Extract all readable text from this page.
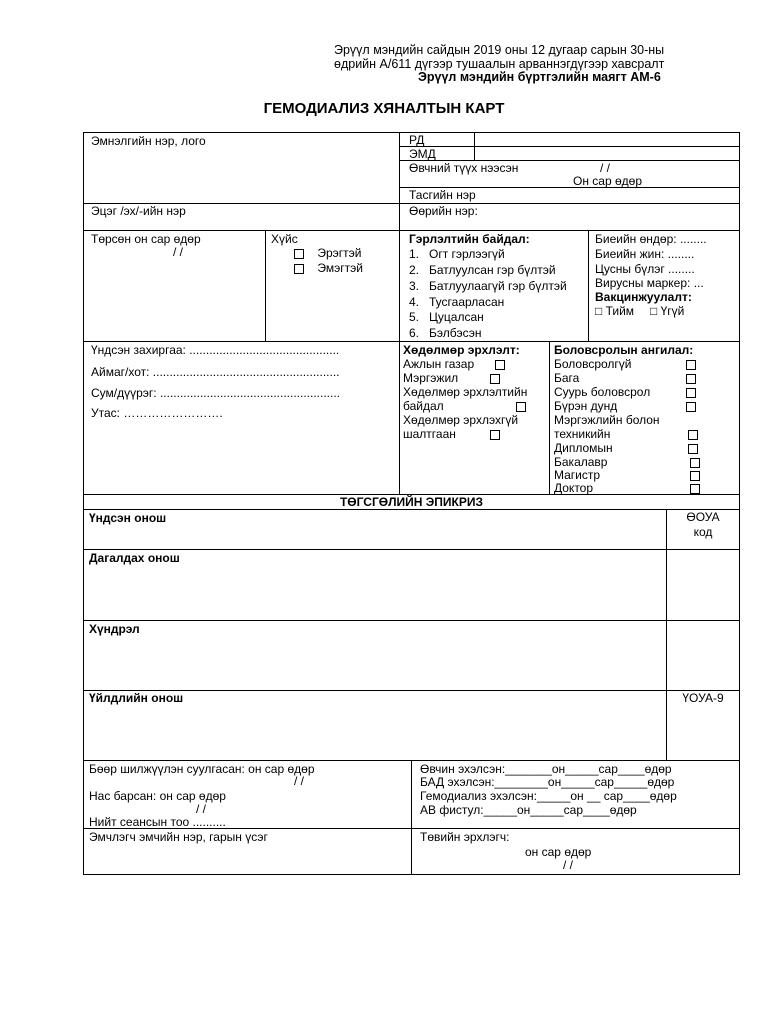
Эрүүл мэндийн сайдын 2019 оны 12 дугаар сарын 30-ны
өдрийн А/611 дүгээр тушаалын арваннэгдүгээр хавсралт
Эрүүл мэндийн бүртгэлийн маягт АМ-6
ГЕМОДИАЛИЗ ХЯНАЛТЫН КАРТ
Эмнэлгийн нэр, лого	РД
ЭМД
Өвчний түүх нээсэн	/ /
Он сар өдөр
Тасгийн нэр
Эцэг /эх/-ийн нэр	Өөрийн нэр:
Төрсөн он сар өдөр
/ /
Хүйс
Эрэгтэй
Эмэгтэй
Гэрлэлтийн байдал:
1.   Огт гэрлээгүй
2.   Батлуулсан гэр бүлтэй
3.   Батлуулаагүй гэр бүлтэй
4.   Тусгаарласан
5.   Цуцалсан
6.   Бэлбэсэн
Биеийн өндөр: ........
Биеийн жин: ........
Цусны бүлэг ........
Вирусны маркер: ...
Вакцинжуулалт:
□ Тийм □ Үгүй
Үндсэн захиргаа: .............................................
Аймаг/хот: ........................................................
Сум/дүүрэг: ......................................................
Утас: …………………….
Хөдөлмөр эрхлэлт:
Ажлын газар
Мэргэжил
Хөдөлмөр эрхлэлтийн
байдал
Хөдөлмөр эрхлэхгүй
шалтгаан
Боловсролын ангилал:
Боловсролгүй
Бага
Суурь боловсрол
Бүрэн дунд
Мэргэжлийн болон
техникийн
Дипломын
Бакалавр
Магистр
Доктор
ТӨГСГӨЛИЙН ЭПИКРИЗ
Үндсэн онош	ӨОУА
код
Дагалдах онош
Хүндрэл
Үйлдлийн онош	ҮОУА-9
Бөөр шилжүүлэн суулгасан: он сар өдөр
/ /
Нас барсан: он сар өдөр
/ /
Нийт сеансын тоо ..........
Өвчин эхэлсэн:_______он_____сар____өдөр
БАД эхэлсэн:________он_____сар_____өдөр
Гемодиализ эхэлсэн:_____он __ сар____өдөр
АВ фистул:_____он_____сар____өдөр
Эмчлэгч эмчийн нэр, гарын үсэг	Төвийн эрхлэгч:
он сар өдөр
/ /
